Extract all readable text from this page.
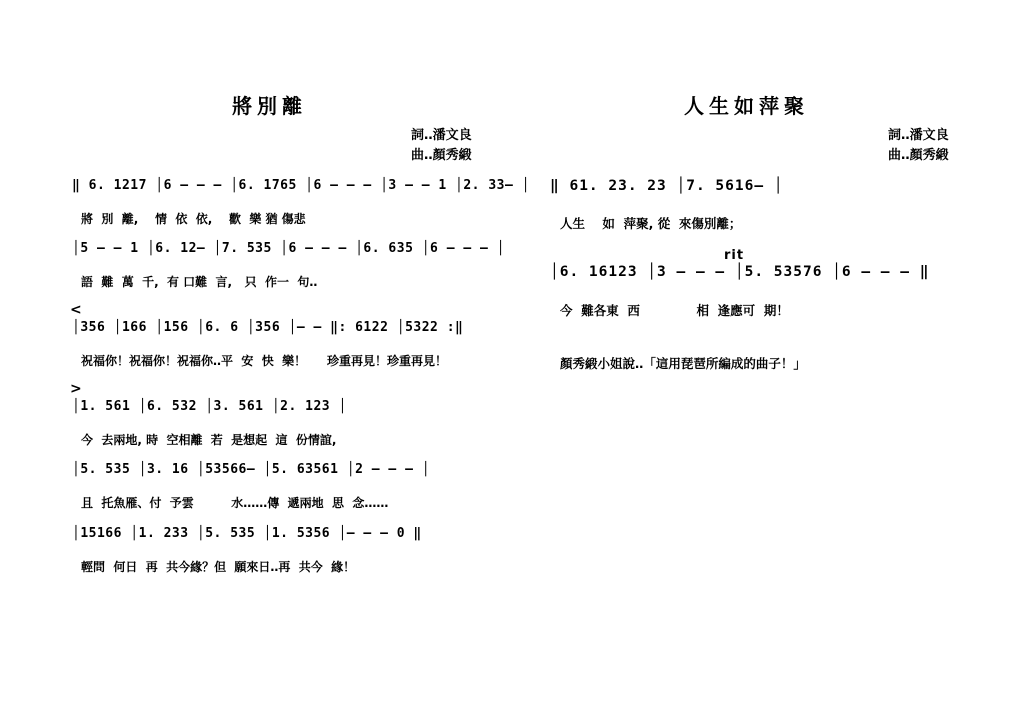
將別離
詞‥潘文良
曲‥顏秀緞
‖ 6. 1217 │6 — — — │6. 1765 │6 — — — │3 — — 1 │2. 33— │
將  別  離,    情  依  依,    歡  樂 猶 傷悲
│5 — — 1 │6. 12— │7. 535 │6 — — — │6. 635 │6 — — — │
語  難  萬  千,  有 口難  言,   只  作一  句‥
<
│356 │166 │156 │6. 6 │356 │— — ‖: 6122 │5322 :‖
祝福你！祝福你！祝福你‥平  安  快  樂！     珍重再見！珍重再見！
>
│1. 561 │6. 532 │3. 561 │2. 123 │
今  去兩地, 時  空相離  若  是想起  這  份情誼,
│5. 535 │3. 16 │53566— │5. 63561 │2 — — — │
且  托魚雁、付  予雲         水……傳  遞兩地  思  念……
│15166 │1. 233 │5. 535 │1. 5356 │— — — 0 ‖
輕問  何日  再  共今緣？但  願來日‥再  共今  緣！
人生如萍聚
詞‥潘文良
曲‥顏秀緞
‖ 61. 23. 23 │7. 5616— │
人生    如  萍聚, 從  來傷別離；
rit
│6. 16123 │3 — — — │5. 53576 │6 — — — ‖
今  難各東  西             相  逢應可  期！
顏秀緞小姐說‥「這用琵琶所編成的曲子！」
